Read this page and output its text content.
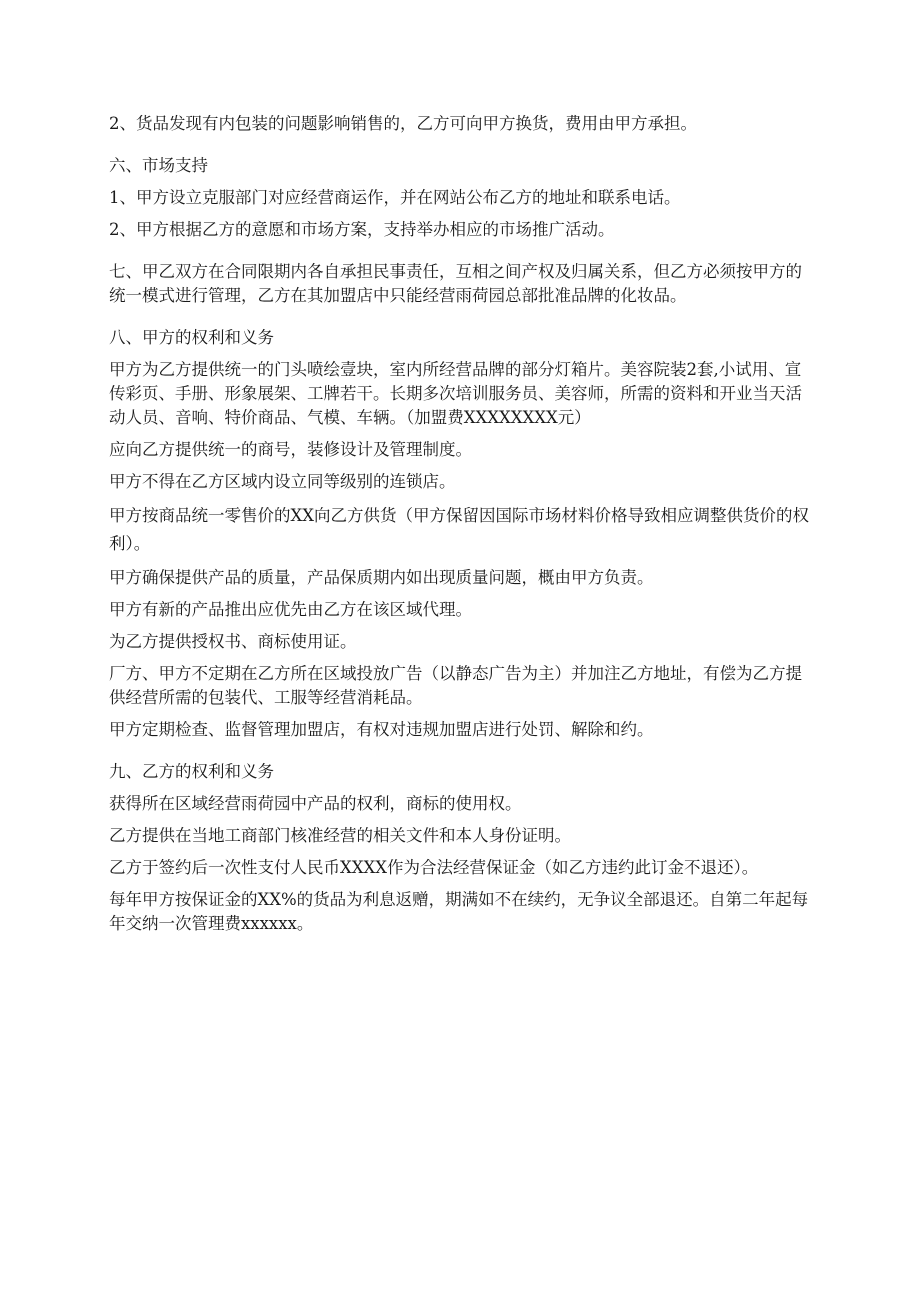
2、货品发现有内包装的问题影响销售的，乙方可向甲方换货，费用由甲方承担。

六、市场支持

1、甲方设立克服部门对应经营商运作，并在网站公布乙方的地址和联系电话。

2、甲方根据乙方的意愿和市场方案，支持举办相应的市场推广活动。

七、甲乙双方在合同限期内各自承担民事责任，互相之间产权及归属关系，但乙方必须按甲方的统一模式进行管理，乙方在其加盟店中只能经营雨荷园总部批准品牌的化妆品。

八、甲方的权利和义务

甲方为乙方提供统一的门头喷绘壹块，室内所经营品牌的部分灯箱片。美容院装2套,小试用、宣传彩页、手册、形象展架、工牌若干。长期多次培训服务员、美容师，所需的资料和开业当天活动人员、音响、特价商品、气模、车辆。（加盟费XXXXXXXX元）

应向乙方提供统一的商号，装修设计及管理制度。

甲方不得在乙方区域内设立同等级别的连锁店。

甲方按商品统一零售价的XX向乙方供货（甲方保留因国际市场材料价格导致相应调整供货价的权利）。

甲方确保提供产品的质量，产品保质期内如出现质量问题，概由甲方负责。

甲方有新的产品推出应优先由乙方在该区域代理。

为乙方提供授权书、商标使用证。

厂方、甲方不定期在乙方所在区域投放广告（以静态广告为主）并加注乙方地址，有偿为乙方提供经营所需的包装代、工服等经营消耗品。

甲方定期检查、监督管理加盟店，有权对违规加盟店进行处罚、解除和约。

九、乙方的权利和义务

获得所在区域经营雨荷园中产品的权利，商标的使用权。

乙方提供在当地工商部门核准经营的相关文件和本人身份证明。

乙方于签约后一次性支付人民币XXXX作为合法经营保证金（如乙方违约此订金不退还）。

每年甲方按保证金的XX%的货品为利息返赠，期满如不在续约，无争议全部退还。自第二年起每年交纳一次管理费xxxxxx。
